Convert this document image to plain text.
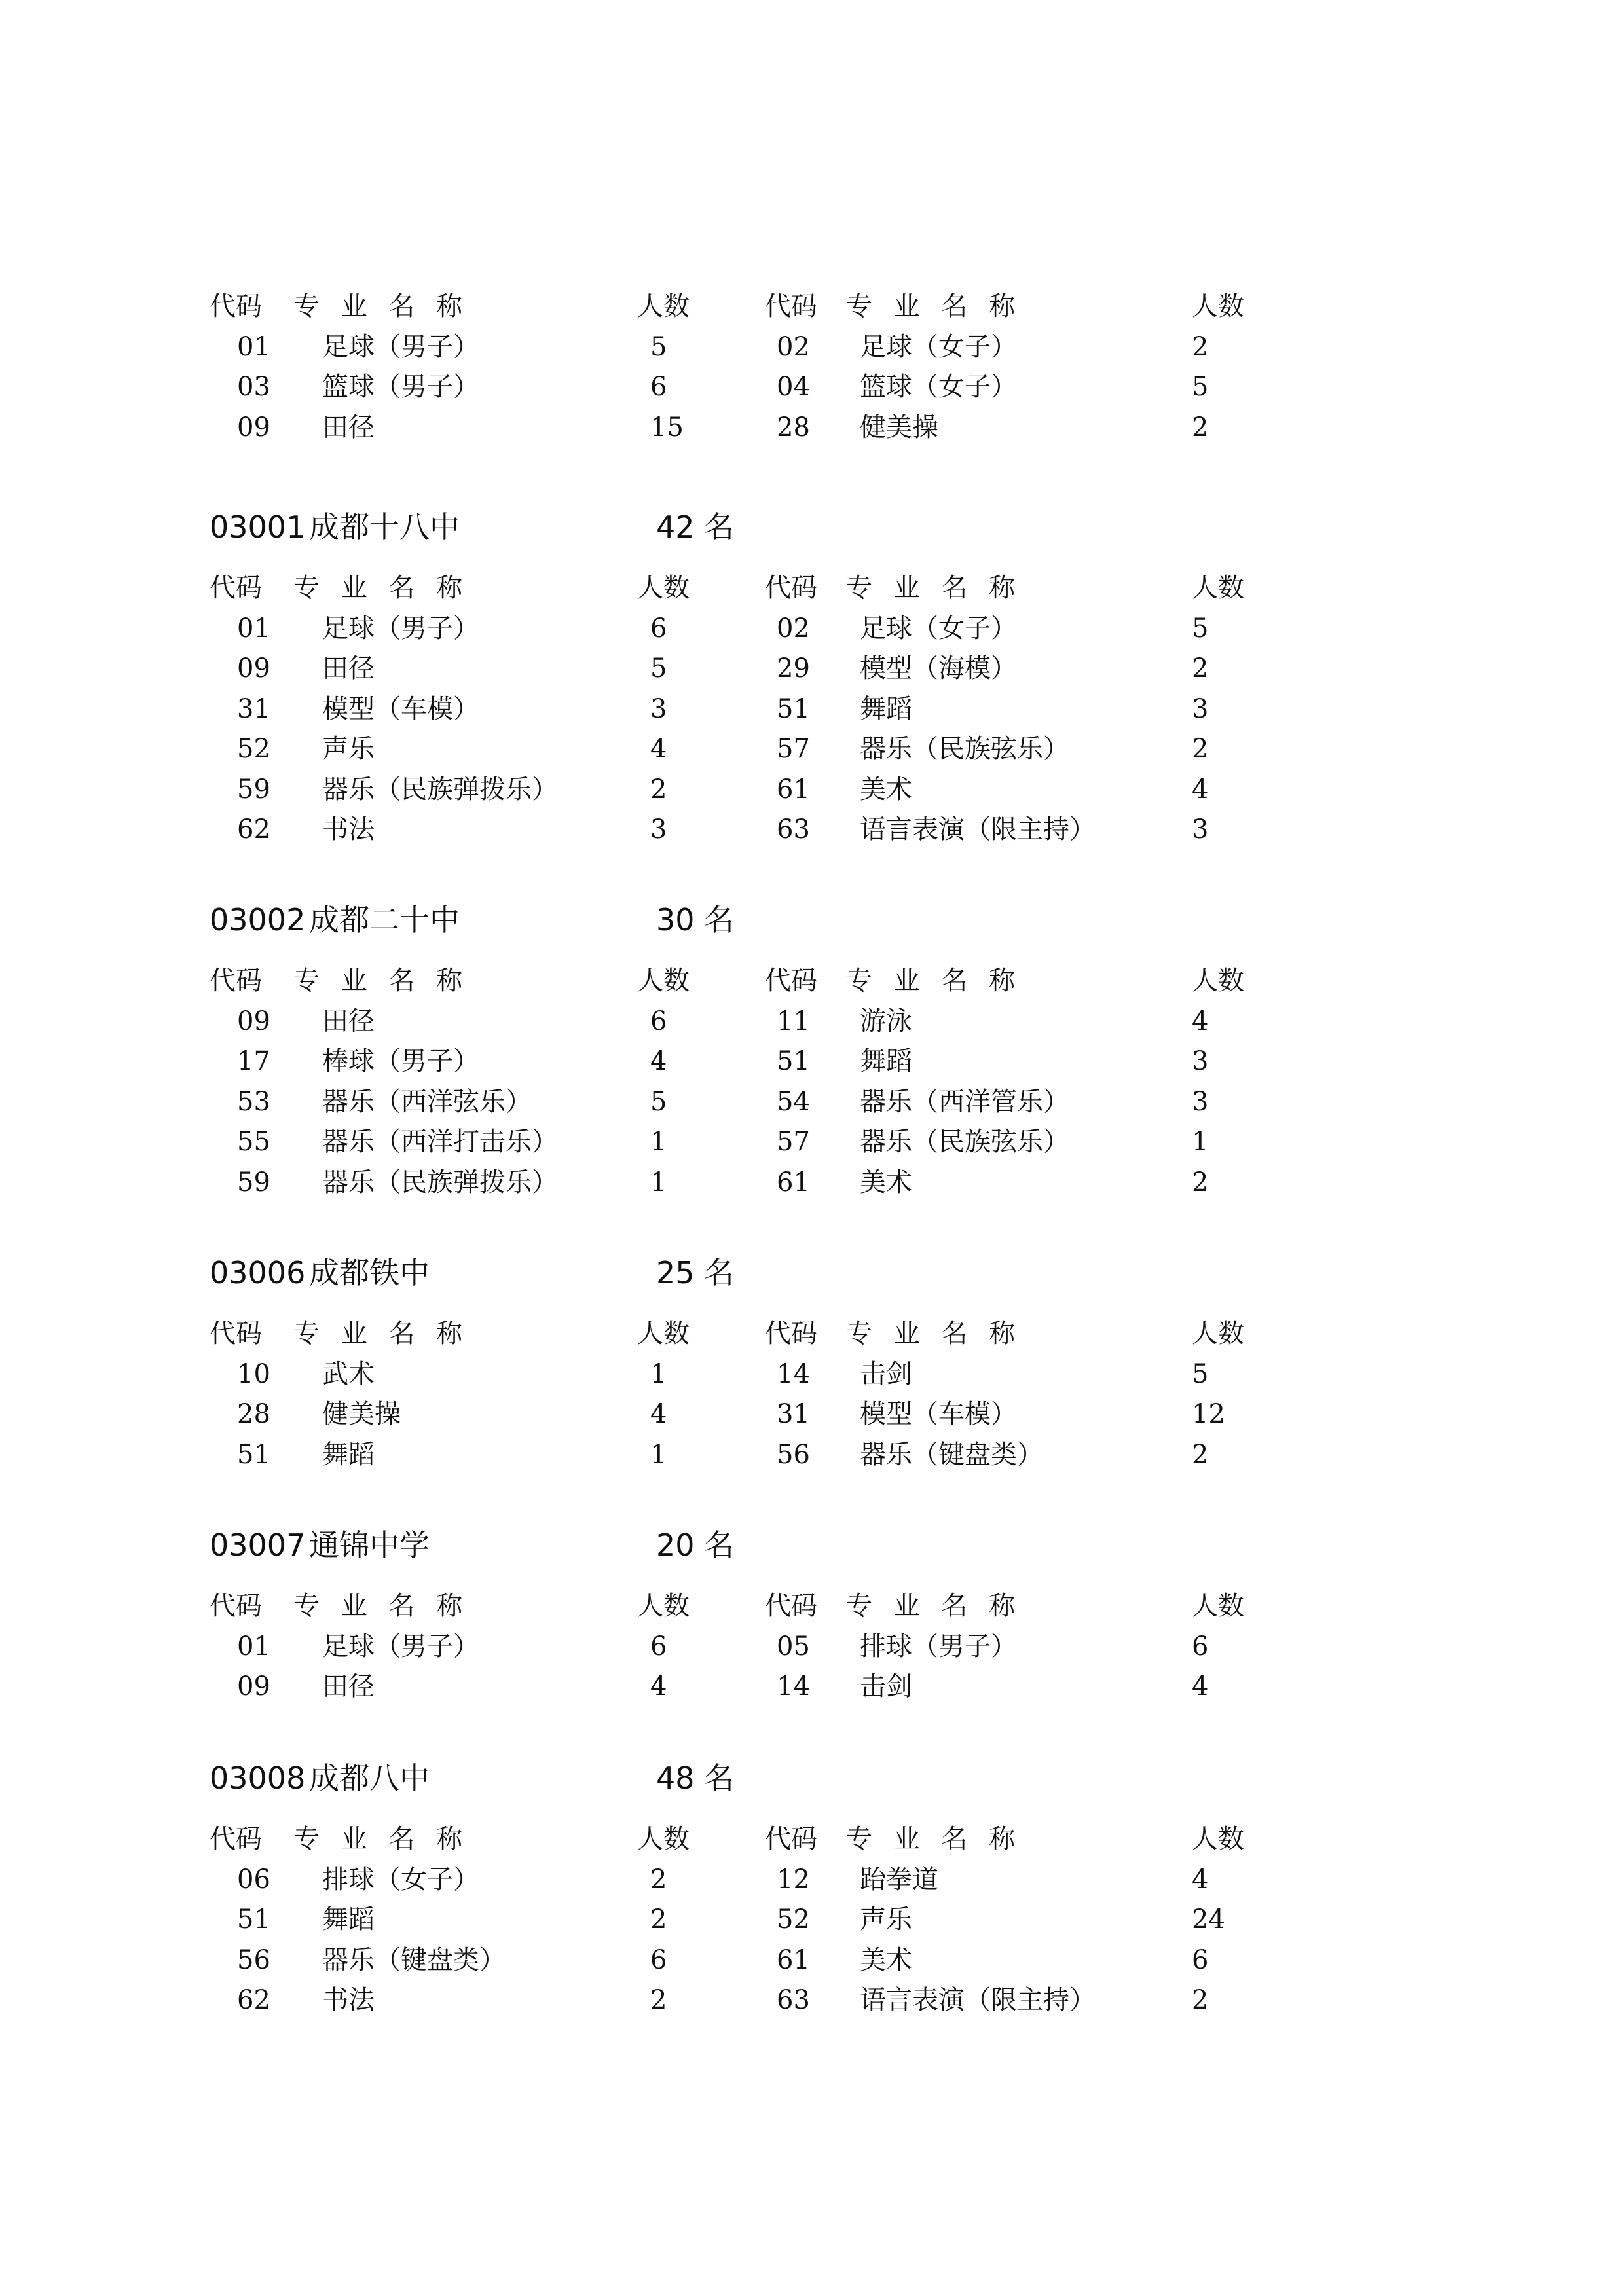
代码 专 业 名 称	人数	代码 专 业 名 称	人数
01 足球（男子）	5	02 足球（女子）	2
03 篮球（男子）	6	04 篮球（女子）	5
09 田径	15	28 健美操	2
03001 成都十八中	42 名
代码 专 业 名 称	人数	代码 专 业 名 称	人数
01 足球（男子）	6	02 足球（女子）	5
09 田径	5	29 模型（海模）	2
31 模型（车模）	3	51 舞蹈	3
52 声乐	4	57 器乐（民族弦乐）	2
59 器乐（民族弹拨乐）	2	61 美术	4
62 书法	3	63 语言表演（限主持）	3
03002 成都二十中	30 名
代码 专 业 名 称	人数	代码 专 业 名 称	人数
09 田径	6	11 游泳	4
17 棒球（男子）	4	51 舞蹈	3
53 器乐（西洋弦乐）	5	54 器乐（西洋管乐）	3
55 器乐（西洋打击乐）	1	57 器乐（民族弦乐）	1
59 器乐（民族弹拨乐）	1	61 美术	2
03006 成都铁中	25 名
代码 专 业 名 称	人数	代码 专 业 名 称	人数
10 武术	1	14 击剑	5
28 健美操	4	31 模型（车模）	12
51 舞蹈	1	56 器乐（键盘类）	2
03007 通锦中学	20 名
代码 专 业 名 称	人数	代码 专 业 名 称	人数
01 足球（男子）	6	05 排球（男子）	6
09 田径	4	14 击剑	4
03008 成都八中	48 名
代码 专 业 名 称	人数	代码 专 业 名 称	人数
06 排球（女子）	2	12 跆拳道	4
51 舞蹈	2	52 声乐	24
56 器乐（键盘类）	6	61 美术	6
62 书法	2	63 语言表演（限主持）	2
